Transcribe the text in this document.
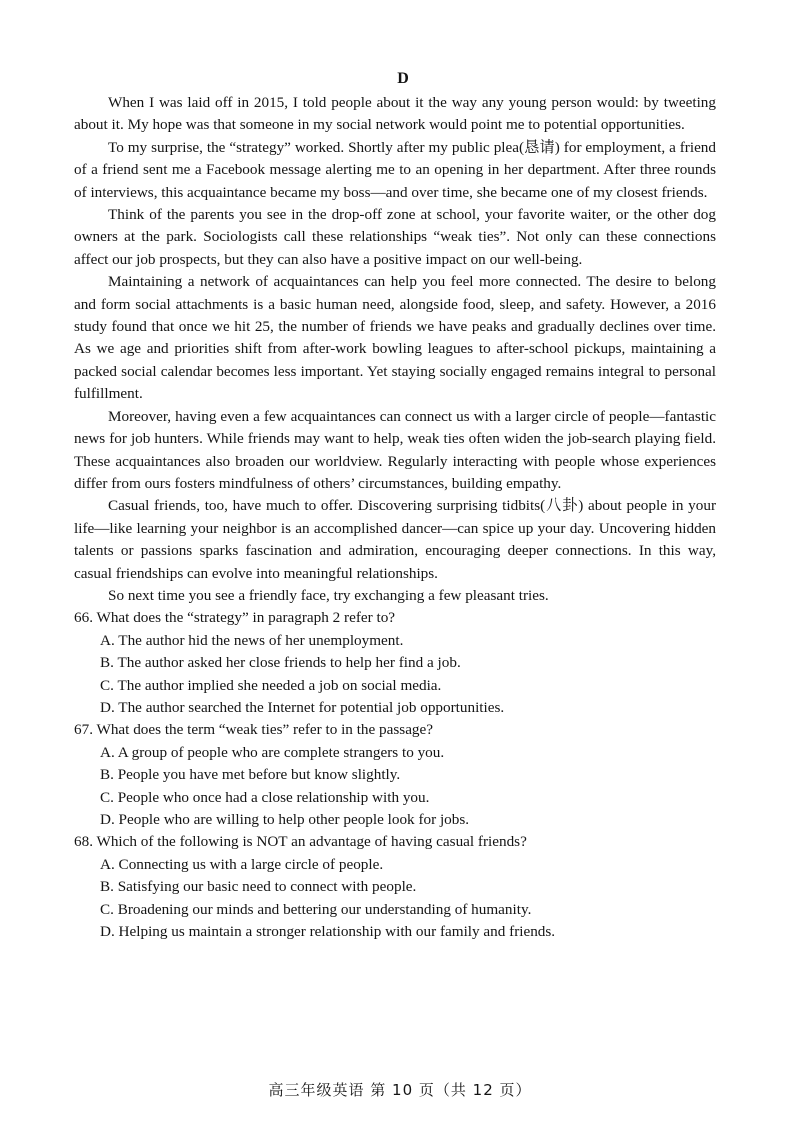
D

When I was laid off in 2015, I told people about it the way any young person would: by tweeting about it. My hope was that someone in my social network would point me to potential opportunities.

To my surprise, the “strategy” worked. Shortly after my public plea(恳请) for employment, a friend of a friend sent me a Facebook message alerting me to an opening in her department. After three rounds of interviews, this acquaintance became my boss—and over time, she became one of my closest friends.

Think of the parents you see in the drop-off zone at school, your favorite waiter, or the other dog owners at the park. Sociologists call these relationships “weak ties”. Not only can these connections affect our job prospects, but they can also have a positive impact on our well-being.

Maintaining a network of acquaintances can help you feel more connected. The desire to belong and form social attachments is a basic human need, alongside food, sleep, and safety. However, a 2016 study found that once we hit 25, the number of friends we have peaks and gradually declines over time. As we age and priorities shift from after-work bowling leagues to after-school pickups, maintaining a packed social calendar becomes less important. Yet staying socially engaged remains integral to personal fulfillment.

Moreover, having even a few acquaintances can connect us with a larger circle of people—fantastic news for job hunters. While friends may want to help, weak ties often widen the job-search playing field. These acquaintances also broaden our worldview. Regularly interacting with people whose experiences differ from ours fosters mindfulness of others’ circumstances, building empathy.

Casual friends, too, have much to offer. Discovering surprising tidbits(八卦) about people in your life—like learning your neighbor is an accomplished dancer—can spice up your day. Uncovering hidden talents or passions sparks fascination and admiration, encouraging deeper connections. In this way, casual friendships can evolve into meaningful relationships.

So next time you see a friendly face, try exchanging a few pleasant tries.

66. What does the “strategy” in paragraph 2 refer to?
A. The author hid the news of her unemployment.
B. The author asked her close friends to help her find a job.
C. The author implied she needed a job on social media.
D. The author searched the Internet for potential job opportunities.
67. What does the term “weak ties” refer to in the passage?
A. A group of people who are complete strangers to you.
B. People you have met before but know slightly.
C. People who once had a close relationship with you.
D. People who are willing to help other people look for jobs.
68. Which of the following is NOT an advantage of having casual friends?
A. Connecting us with a large circle of people.
B. Satisfying our basic need to connect with people.
C. Broadening our minds and bettering our understanding of humanity.
D. Helping us maintain a stronger relationship with our family and friends.
高三年级英语 第 10 页（共 12 页）
